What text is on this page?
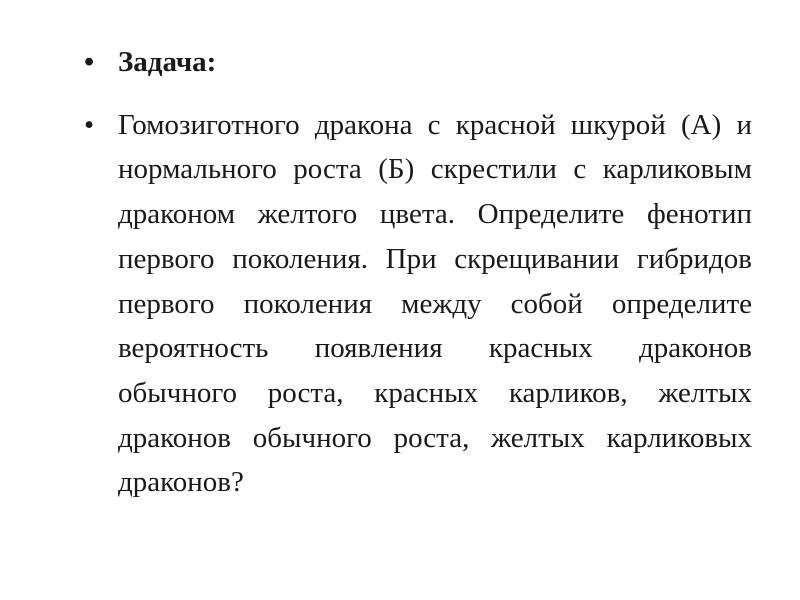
• Задача:
• Гомозиготного дракона с красной шкурой (А) и нормального роста (Б) скрестили с карликовым драконом желтого цвета. Определите фенотип первого поколения. При скрещивании гибридов первого поколения между собой определите вероятность появления красных драконов обычного роста, красных карликов, желтых драконов обычного роста, желтых карликовых драконов?
